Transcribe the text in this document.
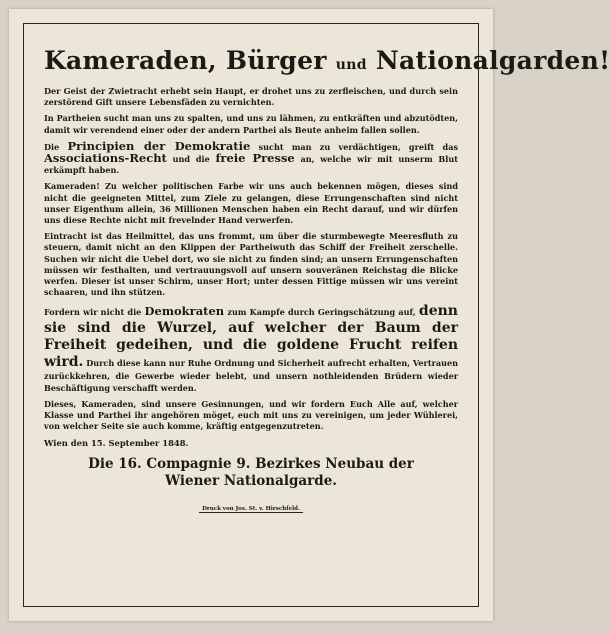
Kameraden, Bürger und Nationalgarden!

Der Geist der Zwietracht erhebt sein Haupt, er drohet uns zu zerfleischen, und durch sein zerstörend Gift unsere Lebensfäden zu vernichten.

In Partheien sucht man uns zu spalten, und uns zu lähmen, zu entkräften und abzutödten, damit wir verendend einer oder der andern Parthei als Beute anheim fallen sollen.

Die Principien der Demokratie sucht man zu verdächtigen, greift das Associations-Recht und die freie Presse an, welche wir mit unserm Blut erkämpft haben.

Kameraden! Zu welcher politischen Farbe wir uns auch bekennen mögen, dieses sind nicht die geeigneten Mittel, zum Ziele zu gelangen, diese Errungenschaften sind nicht unser Eigenthum allein, 36 Millionen Menschen haben ein Recht darauf, und wir dürfen uns diese Rechte nicht mit frevelnder Hand verwerfen.

Eintracht ist das Heilmittel, das uns frommt, um über die sturmbewegte Meeresfluth zu steuern, damit nicht an den Klippen der Partheiwuth das Schiff der Freiheit zerschelle. Suchen wir nicht die Uebel dort, wo sie nicht zu finden sind; an unsern Errungenschaften müssen wir festhalten, und vertrauungsvoll auf unsern souveränen Reichstag die Blicke werfen. Dieser ist unser Schirm, unser Hort; unter dessen Fittige müssen wir uns vereint schaaren, und ihn stützen.

Fordern wir nicht die Demokraten zum Kampfe durch Geringschätzung auf, denn sie sind die Wurzel, auf welcher der Baum der Freiheit gedeihen, und die goldene Frucht reifen wird. Durch diese kann nur Ruhe Ordnung und Sicherheit aufrecht erhalten, Vertrauen zurückkehren, die Gewerbe wieder belebt, und unsern nothleidenden Brüdern wieder Beschäftigung verschafft werden.

Dieses, Kameraden, sind unsere Gesinnungen, und wir fordern Euch Alle auf, welcher Klasse und Parthei ihr angehören möget, euch mit uns zu vereinigen, um jeder Wühlerei, von welcher Seite sie auch komme, kräftig entgegenzutreten.

Wien den 15. September 1848.

Die 16. Compagnie 9. Bezirkes Neubau der
Wiener Nationalgarde.
Druck von Jos. St. v. Hirschfeld.
